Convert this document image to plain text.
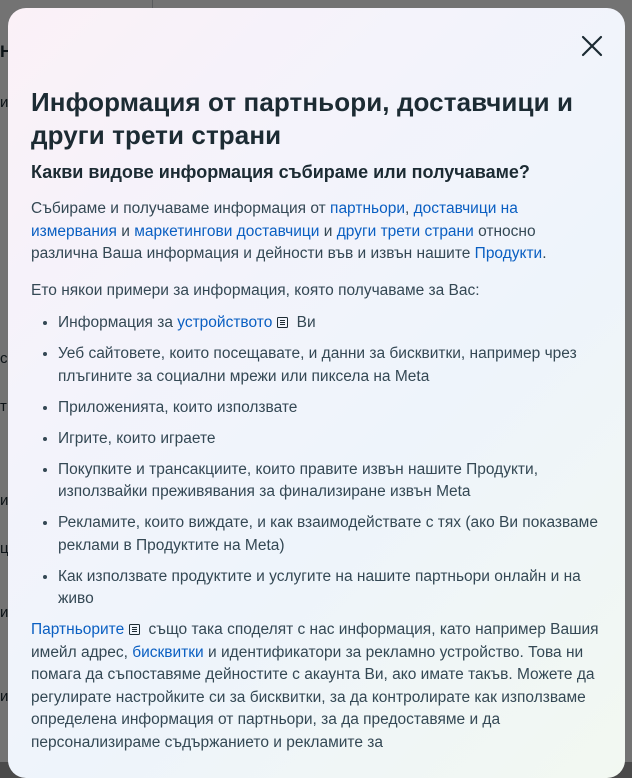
Информация от партньори, доставчици и други трети страни
Какви видове информация събираме или получаваме?

Събираме и получаваме информация от партньори, доставчици на измервания и маркетингови доставчици и други трети страни относно различна Ваша информация и дейности във и извън нашите Продукти.

Ето някои примери за информация, която получаваме за Вас:

• Информация за устройството Ви
• Уеб сайтовете, които посещавате, и данни за бисквитки, например чрез плъгините за социални мрежи или пиксела на Meta
• Приложенията, които използвате
• Игрите, които играете
• Покупките и трансакциите, които правите извън нашите Продукти, използвайки преживявания за финализиране извън Meta
• Рекламите, които виждате, и как взаимодействате с тях (ако Ви показваме реклами в Продуктите на Meta)
• Как използвате продуктите и услугите на нашите партньори онлайн и на живо

Партньорите също така споделят с нас информация, като например Вашия имейл адрес, бисквитки и идентификатори за рекламно устройство. Това ни помага да съпоставяме дейностите с акаунта Ви, ако имате такъв. Можете да регулирате настройките си за бисквитки, за да контролирате как използваме определена информация от партньори, за да предоставяме и да персонализираме съдържанието и рекламите за
